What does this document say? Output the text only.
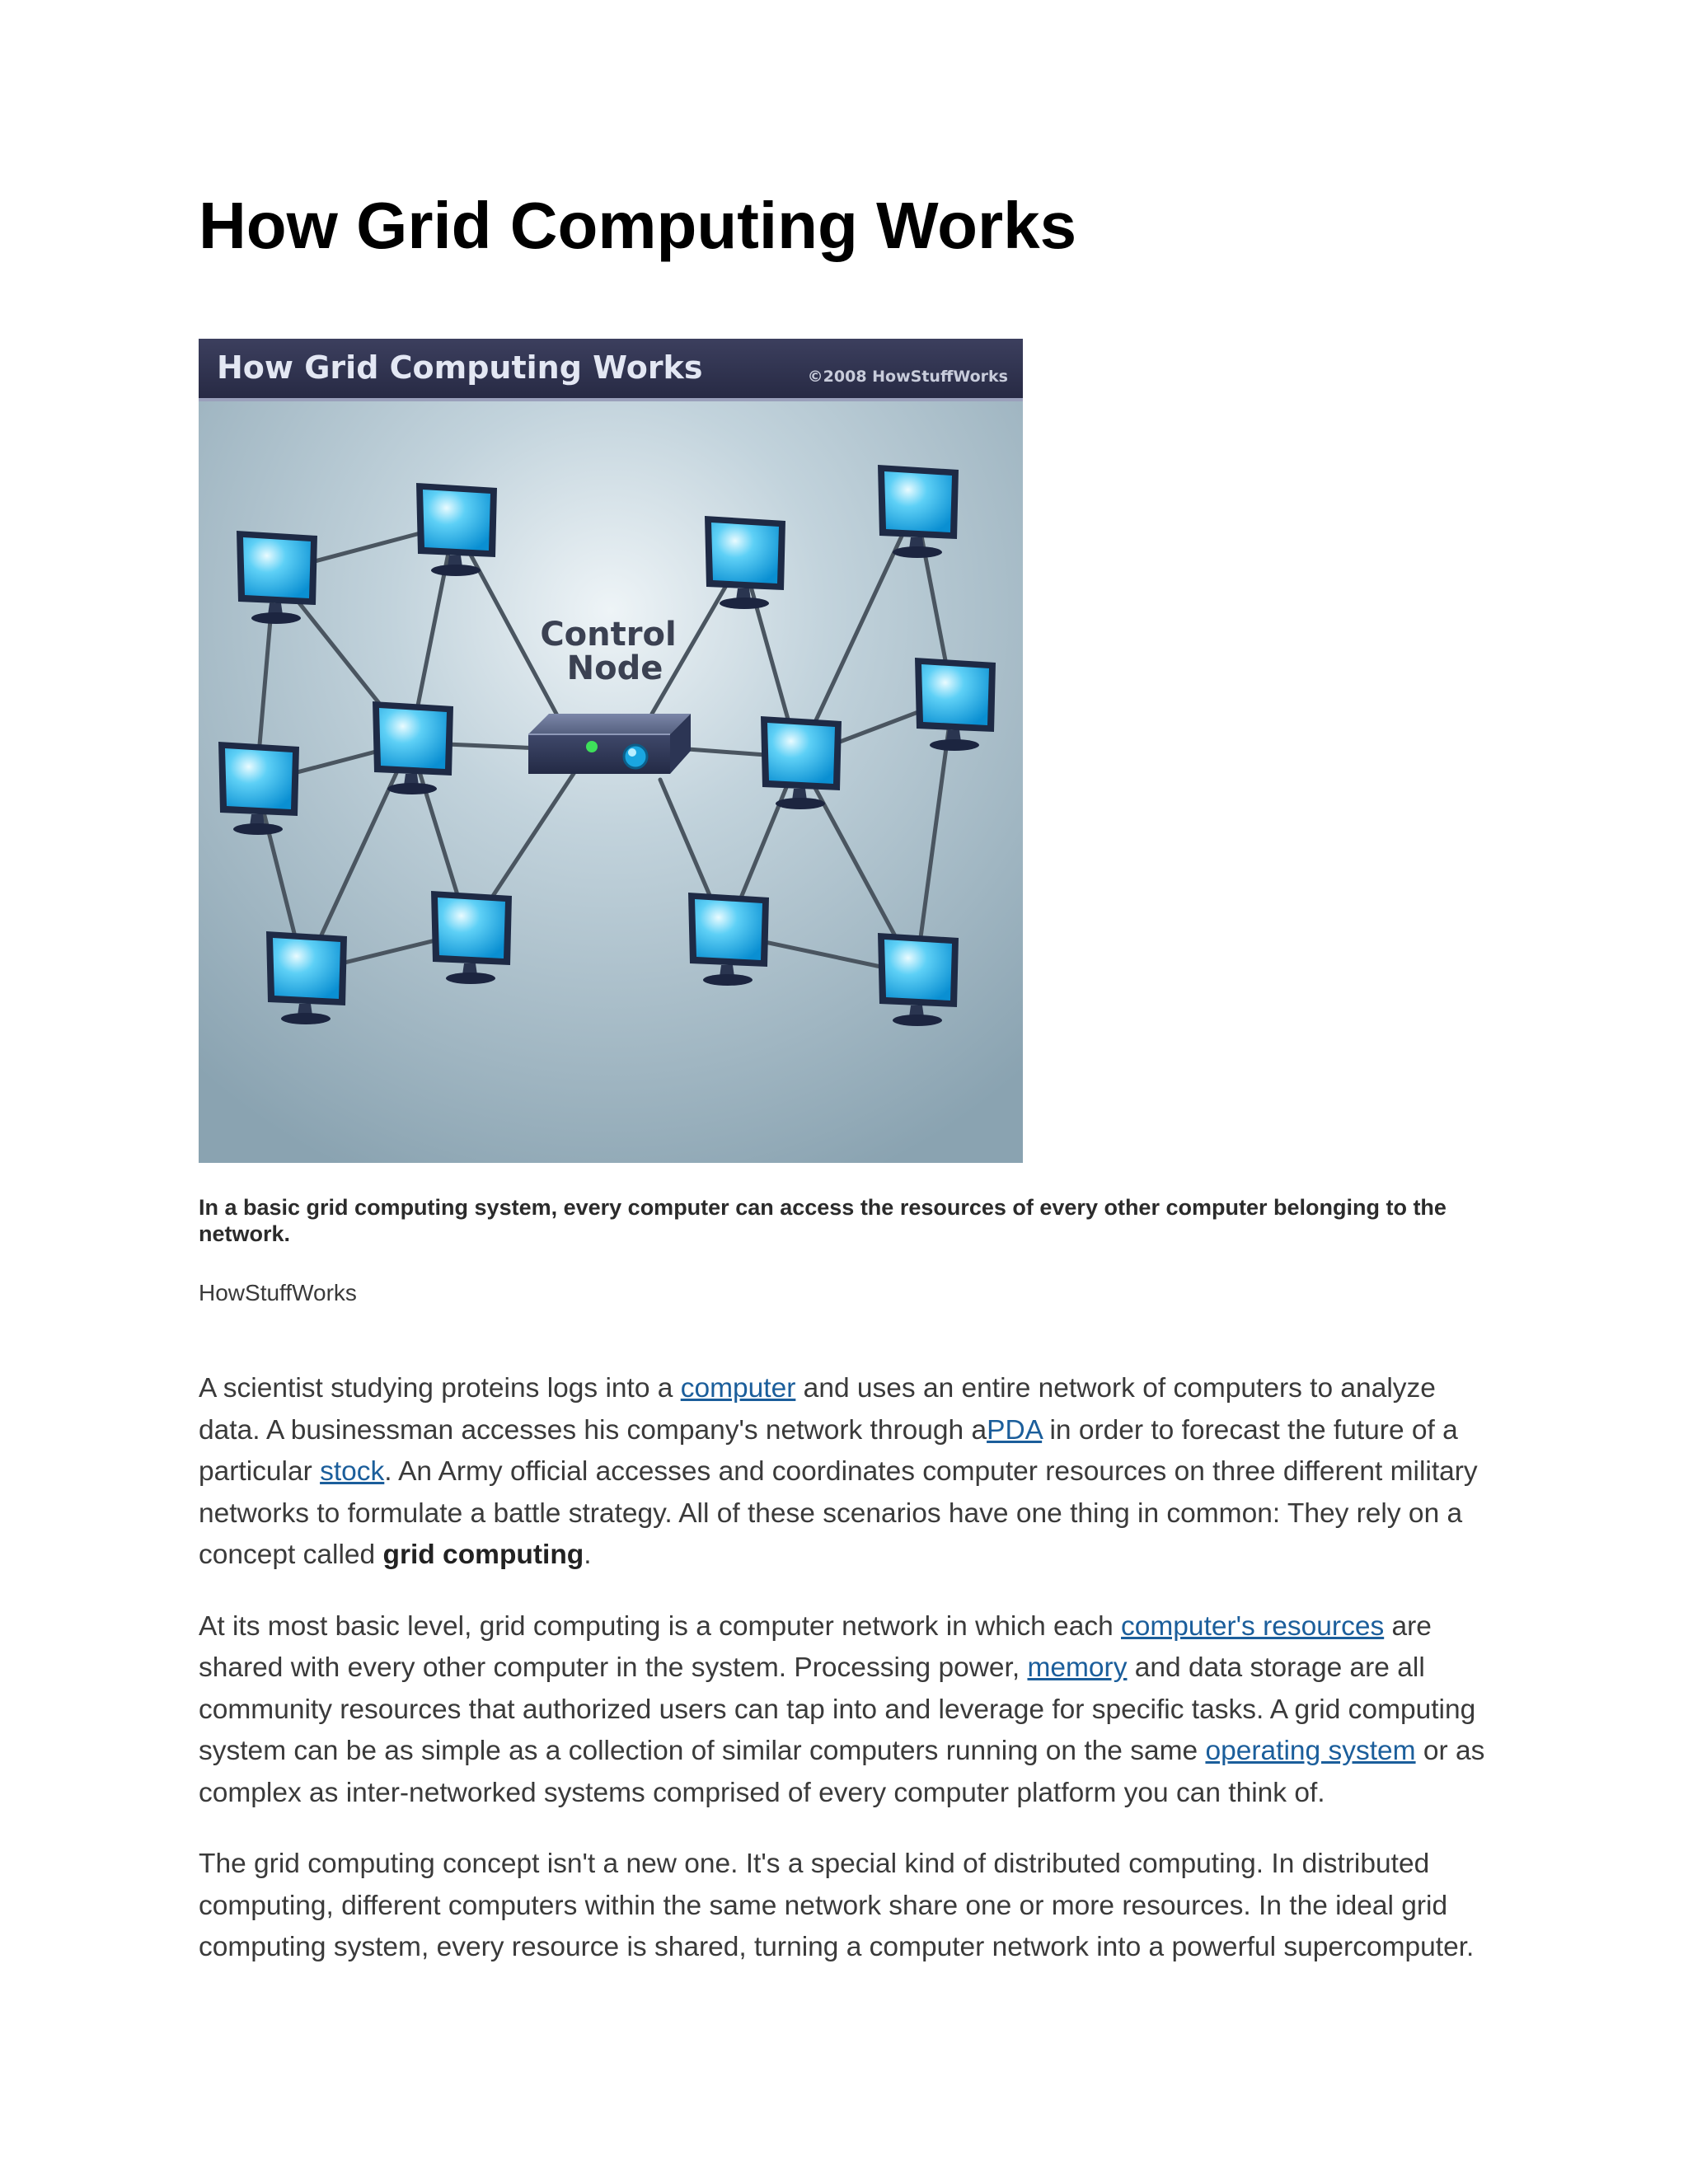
How Grid Computing Works
How Grid Computing Works	©2008 HowStuffWorks
Control
Node

In a basic grid computing system, every computer can access the resources of every other computer belonging to the network.

HowStuffWorks

A scientist studying proteins logs into a computer and uses an entire network of computers to analyze data. A businessman accesses his company's network through aPDA in order to forecast the future of a particular stock. An Army official accesses and coordinates computer resources on three different military networks to formulate a battle strategy. All of these scenarios have one thing in common: They rely on a concept called grid computing.

At its most basic level, grid computing is a computer network in which each computer's resources are shared with every other computer in the system. Processing power, memory and data storage are all community resources that authorized users can tap into and leverage for specific tasks. A grid computing system can be as simple as a collection of similar computers running on the same operating system or as complex as inter-networked systems comprised of every computer platform you can think of.

The grid computing concept isn't a new one. It's a special kind of distributed computing. In distributed computing, different computers within the same network share one or more resources. In the ideal grid computing system, every resource is shared, turning a computer network into a powerful supercomputer.
